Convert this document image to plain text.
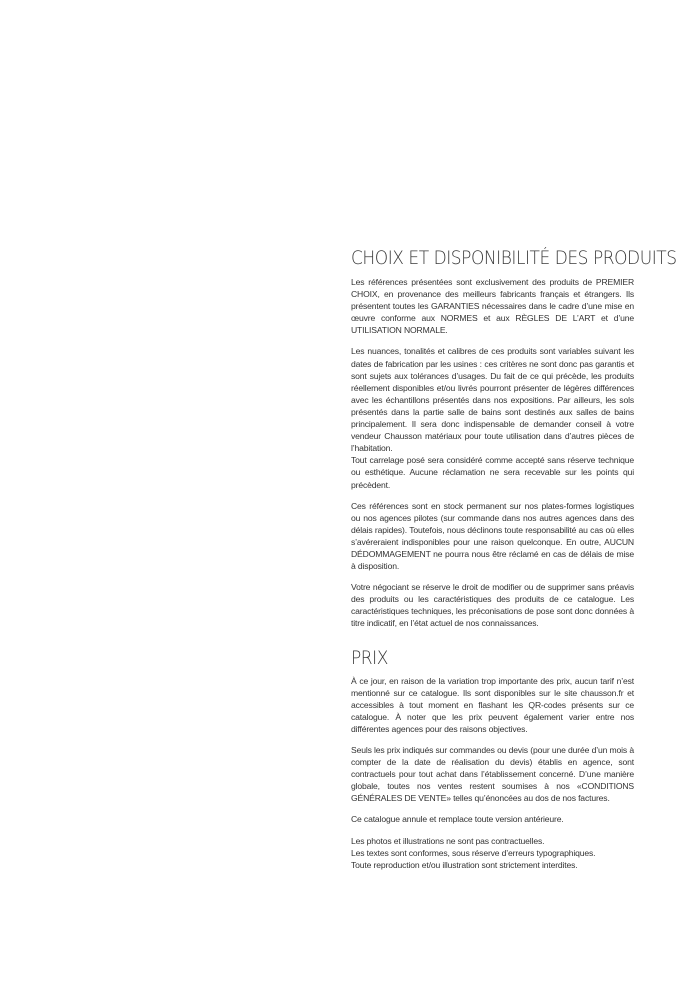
CHOIX ET DISPONIBILITÉ DES PRODUITS

Les références présentées sont exclusivement des produits de PREMIER CHOIX, en provenance des meilleurs fabricants français et étrangers. Ils présentent toutes les GARANTIES nécessaires dans le cadre d’une mise en œuvre conforme aux NORMES et aux RÈGLES DE L’ART et d’une UTILISATION NORMALE.

Les nuances, tonalités et calibres de ces produits sont variables suivant les dates de fabrication par les usines : ces critères ne sont donc pas garantis et sont sujets aux tolérances d’usages. Du fait de ce qui précède, les produits réellement disponibles et/ou livrés pourront présenter de légères différences avec les échantillons présentés dans nos expositions. Par ailleurs, les sols présentés dans la partie salle de bains sont destinés aux salles de bains principalement. Il sera donc indispensable de demander conseil à votre vendeur Chausson matériaux pour toute utilisation dans d’autres pièces de l’habitation.
Tout carrelage posé sera considéré comme accepté sans réserve technique ou esthétique. Aucune réclamation ne sera recevable sur les points qui précèdent.

Ces références sont en stock permanent sur nos plates-formes logistiques ou nos agences pilotes (sur commande dans nos autres agences dans des délais rapides). Toutefois, nous déclinons toute responsabilité au cas où elles s’avéreraient indisponibles pour une raison quelconque. En outre, AUCUN DÉDOMMAGEMENT ne pourra nous être réclamé en cas de délais de mise à disposition.

Votre négociant se réserve le droit de modifier ou de supprimer sans préavis des produits ou les caractéristiques des produits de ce catalogue. Les caractéristiques techniques, les préconisations de pose sont donc données à titre indicatif, en l’état actuel de nos connaissances.

PRIX

À ce jour, en raison de la variation trop importante des prix, aucun tarif n’est mentionné sur ce catalogue. Ils sont disponibles sur le site chausson.fr et accessibles à tout moment en flashant les QR-codes présents sur ce catalogue. À noter que les prix peuvent également varier entre nos différentes agences pour des raisons objectives.

Seuls les prix indiqués sur commandes ou devis (pour une durée d’un mois à compter de la date de réalisation du devis) établis en agence, sont contractuels pour tout achat dans l’établissement concerné. D’une manière globale, toutes nos ventes restent soumises à nos «CONDITIONS GÉNÉRALES DE VENTE» telles qu’énoncées au dos de nos factures.

Ce catalogue annule et remplace toute version antérieure.

Les photos et illustrations ne sont pas contractuelles.
Les textes sont conformes, sous réserve d’erreurs typographiques.
Toute reproduction et/ou illustration sont strictement interdites.
